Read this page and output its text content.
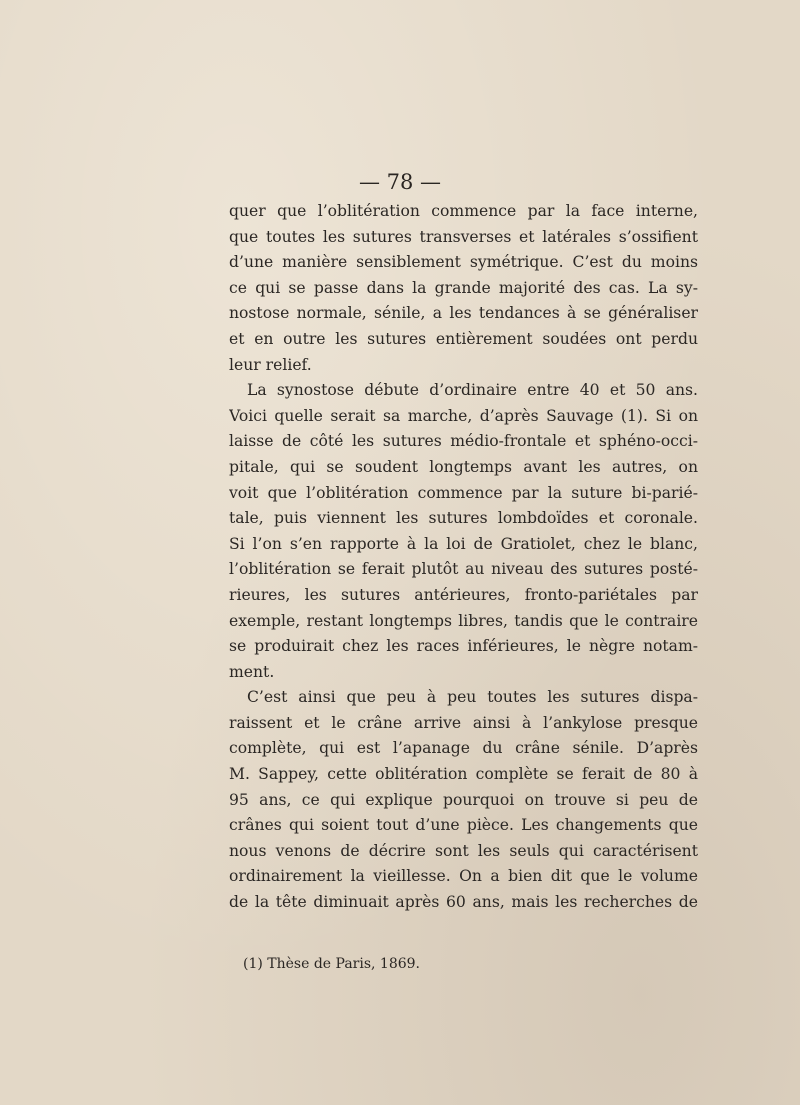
— 78 —
quer que l’oblitération commence par la face interne,
que toutes les sutures transverses et latérales s’ossifient
d’une manière sensiblement symétrique. C’est du moins
ce qui se passe dans la grande majorité des cas. La sy-
nostose normale, sénile, a les tendances à se généraliser
et en outre les sutures entièrement soudées ont perdu
leur relief.
La synostose débute d’ordinaire entre 40 et 50 ans.
Voici quelle serait sa marche, d’après Sauvage (1). Si on
laisse de côté les sutures médio-frontale et sphéno-occi-
pitale, qui se soudent longtemps avant les autres, on
voit que l’oblitération commence par la suture bi-parié-
tale, puis viennent les sutures lombdoïdes et coronale.
Si l’on s’en rapporte à la loi de Gratiolet, chez le blanc,
l’oblitération se ferait plutôt au niveau des sutures posté-
rieures, les sutures antérieures, fronto-pariétales par
exemple, restant longtemps libres, tandis que le contraire
se produirait chez les races inférieures, le nègre notam-
ment.
C’est ainsi que peu à peu toutes les sutures dispa-
raissent et le crâne arrive ainsi à l’ankylose presque
complète, qui est l’apanage du crâne sénile. D’après
M. Sappey, cette oblitération complète se ferait de 80 à
95 ans, ce qui explique pourquoi on trouve si peu de
crânes qui soient tout d’une pièce. Les changements que
nous venons de décrire sont les seuls qui caractérisent
ordinairement la vieillesse. On a bien dit que le volume
de la tête diminuait après 60 ans, mais les recherches de
(1) Thèse de Paris, 1869.
